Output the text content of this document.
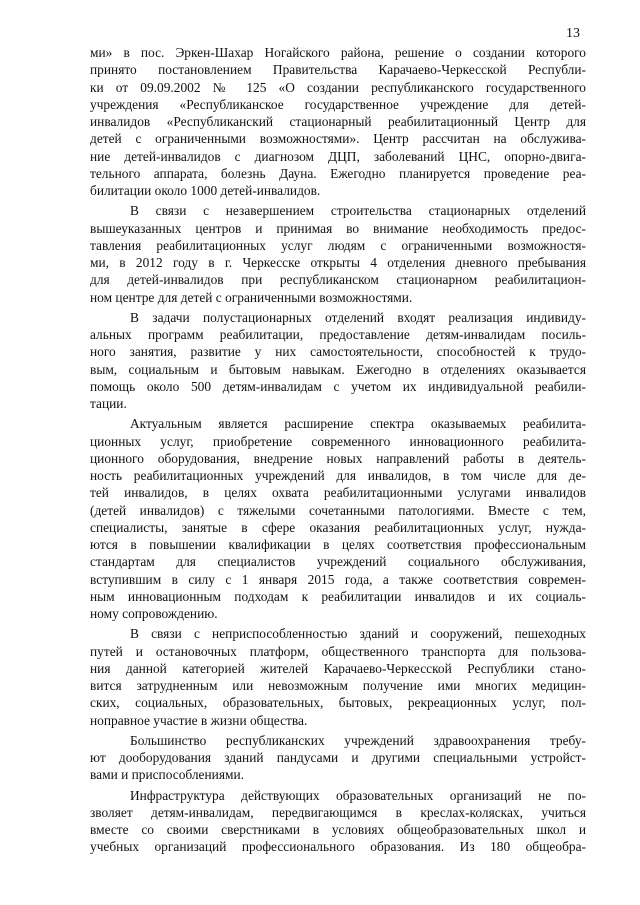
13
ми» в пос. Эркен-Шахар Ногайского района, решение о создании которого
принято постановлением Правительства Карачаево-Черкесской Республи-
ки от 09.09.2002 № 125 «О создании республиканского государственного
учреждения «Республиканское государственное учреждение для детей-
инвалидов «Республиканский стационарный реабилитационный Центр для
детей с ограниченными возможностями». Центр рассчитан на обслужива-
ние детей-инвалидов с диагнозом ДЦП, заболеваний ЦНС, опорно-двига-
тельного аппарата, болезнь Дауна. Ежегодно планируется проведение реа-
билитации около 1000 детей-инвалидов.
В связи с незавершением строительства стационарных отделений
вышеуказанных центров и принимая во внимание необходимость предос-
тавления реабилитационных услуг людям с ограниченными возможностя-
ми, в 2012 году в г. Черкесске открыты 4 отделения дневного пребывания
для детей-инвалидов при республиканском стационарном реабилитацион-
ном центре для детей с ограниченными возможностями.
В задачи полустационарных отделений входят реализация индивиду-
альных программ реабилитации, предоставление детям-инвалидам посиль-
ного занятия, развитие у них самостоятельности, способностей к трудо-
вым, социальным и бытовым навыкам. Ежегодно в отделениях оказывается
помощь около 500 детям-инвалидам с учетом их индивидуальной реабили-
тации.
Актуальным является расширение спектра оказываемых реабилита-
ционных услуг, приобретение современного инновационного реабилита-
ционного оборудования, внедрение новых направлений работы в деятель-
ность реабилитационных учреждений для инвалидов, в том числе для де-
тей инвалидов, в целях охвата реабилитационными услугами инвалидов
(детей инвалидов) с тяжелыми сочетанными патологиями. Вместе с тем,
специалисты, занятые в сфере оказания реабилитационных услуг, нужда-
ются в повышении квалификации в целях соответствия профессиональным
стандартам для специалистов учреждений социального обслуживания,
вступившим в силу с 1 января 2015 года, а также соответствия современ-
ным инновационным подходам к реабилитации инвалидов и их социаль-
ному сопровождению.
В связи с неприспособленностью зданий и сооружений, пешеходных
путей и остановочных платформ, общественного транспорта для пользова-
ния данной категорией жителей Карачаево-Черкесской Республики стано-
вится затрудненным или невозможным получение ими многих медицин-
ских, социальных, образовательных, бытовых, рекреационных услуг, пол-
ноправное участие в жизни общества.
Большинство республиканских учреждений здравоохранения требу-
ют дооборудования зданий пандусами и другими специальными устройст-
вами и приспособлениями.
Инфраструктура действующих образовательных организаций не по-
зволяет детям-инвалидам, передвигающимся в креслах-колясках, учиться
вместе со своими сверстниками в условиях общеобразовательных школ и
учебных организаций профессионального образования. Из 180 общеобра-
